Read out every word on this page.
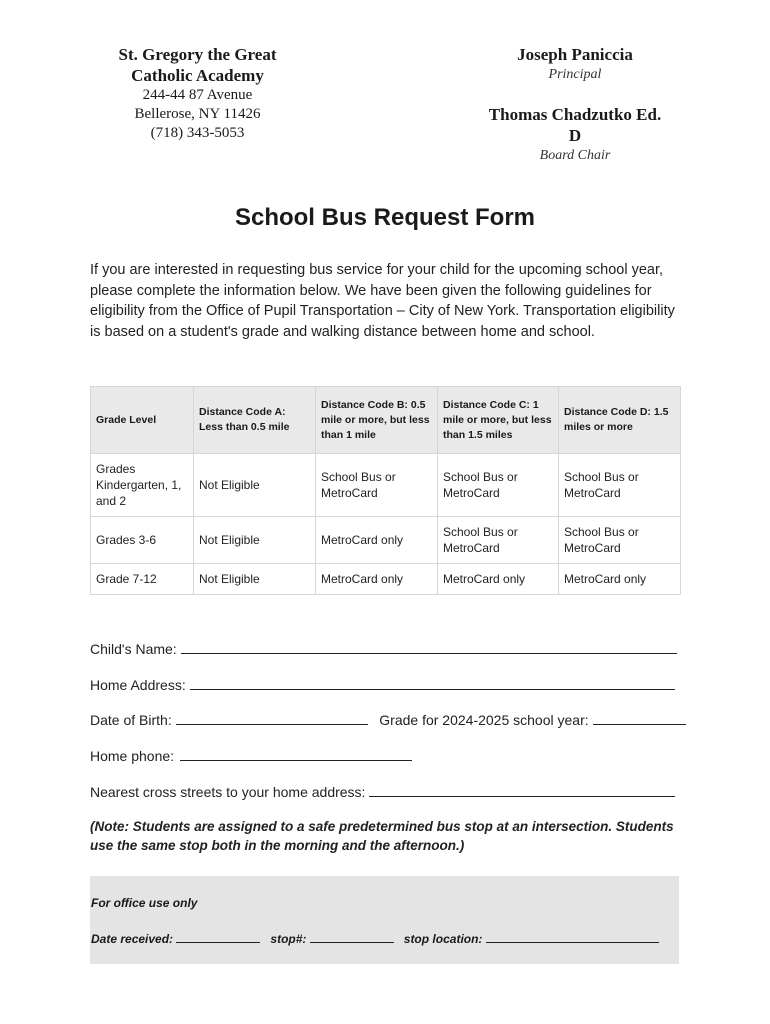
St. Gregory the Great
Catholic Academy
244-44 87 Avenue
Bellerose, NY 11426
(718) 343-5053
Joseph Paniccia
Principal
Thomas Chadzutko Ed.
D
Board Chair
School Bus Request Form
If you are interested in requesting bus service for your child for the upcoming school year, please complete the information below. We have been given the following guidelines for eligibility from the Office of Pupil Transportation – City of New York. Transportation eligibility is based on a student's grade and walking distance between home and school.
Grade Level	Distance Code A: Less than 0.5 mile	Distance Code B: 0.5 mile or more, but less than 1 mile	Distance Code C: 1 mile or more, but less than 1.5 miles	Distance Code D: 1.5 miles or more
Grades Kindergarten, 1, and 2	Not Eligible	School Bus or MetroCard	School Bus or MetroCard	School Bus or MetroCard
Grades 3-6	Not Eligible	MetroCard only	School Bus or MetroCard	School Bus or MetroCard
Grade 7-12	Not Eligible	MetroCard only	MetroCard only	MetroCard only
Child's Name:
Home Address:
Date of Birth:	Grade for 2024-2025 school year:
Home phone:
Nearest cross streets to your home address:
(Note: Students are assigned to a safe predetermined bus stop at an intersection. Students use the same stop both in the morning and the afternoon.)
For office use only
Date received:	stop#:	stop location:
